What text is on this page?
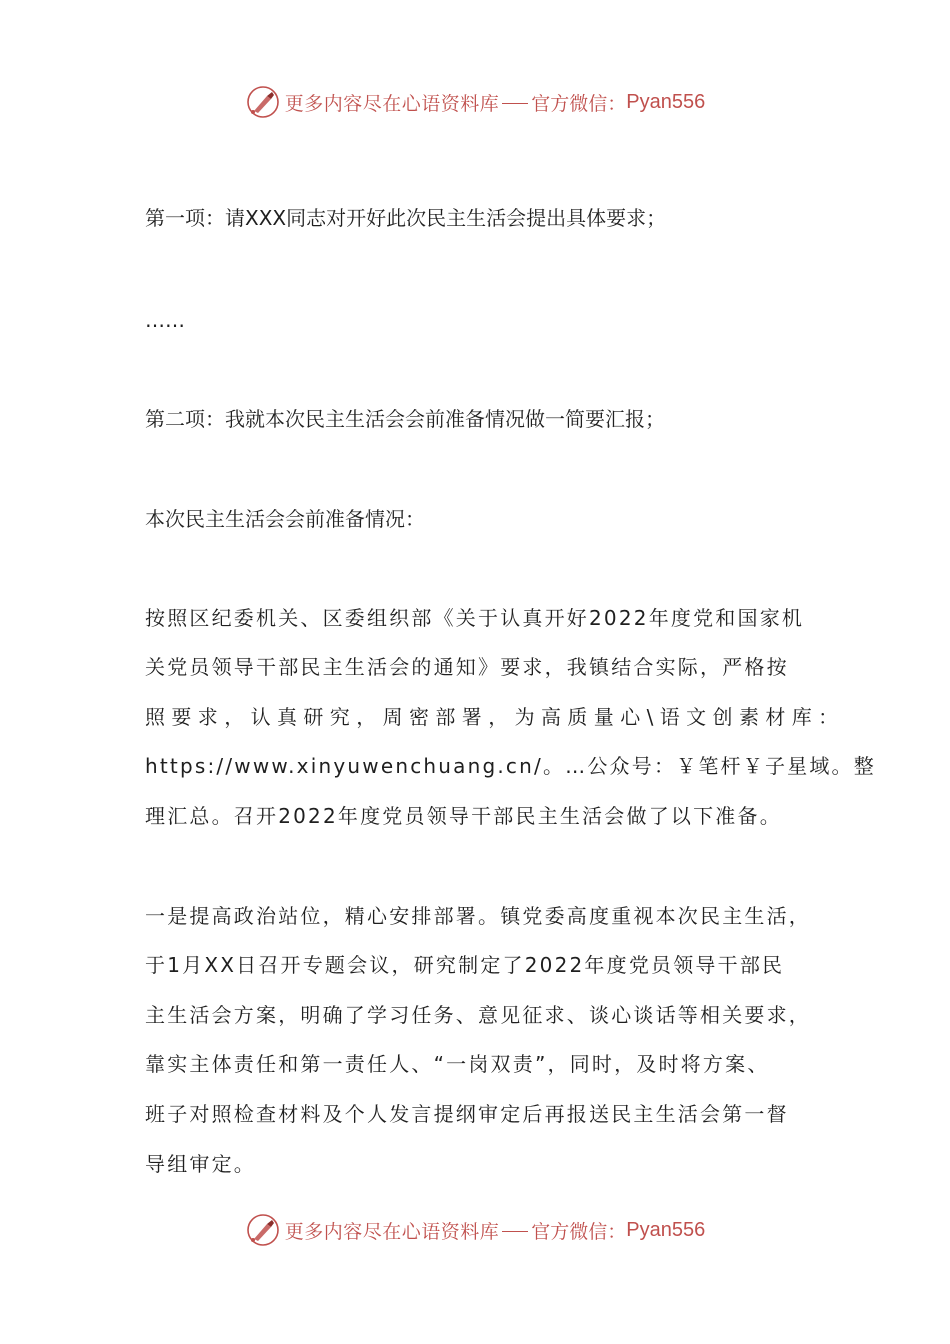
更多内容尽在心语资料库 官方微信： Pyan556
第一项：请XXX同志对开好此次民主生活会提出具体要求；
……
第二项：我就本次民主生活会会前准备情况做一简要汇报；
本次民主生活会会前准备情况：
按照区纪委机关、区委组织部《关于认真开好2022年度党和国家机
关党员领导干部民主生活会的通知》要求，我镇结合实际，严格按
照要求，认真研究，周密部署，为高质量心\语文创素材库：
https://www.xinyuwenchuang.cn/。…公众号：￥笔杆￥子星域。整
理汇总。召开2022年度党员领导干部民主生活会做了以下准备。
一是提高政治站位，精心安排部署。镇党委高度重视本次民主生活，
于1月XX日召开专题会议，研究制定了2022年度党员领导干部民
主生活会方案，明确了学习任务、意见征求、谈心谈话等相关要求，
靠实主体责任和第一责任人、“一岗双责”，同时，及时将方案、
班子对照检查材料及个人发言提纲审定后再报送民主生活会第一督
导组审定。
更多内容尽在心语资料库 官方微信： Pyan556
